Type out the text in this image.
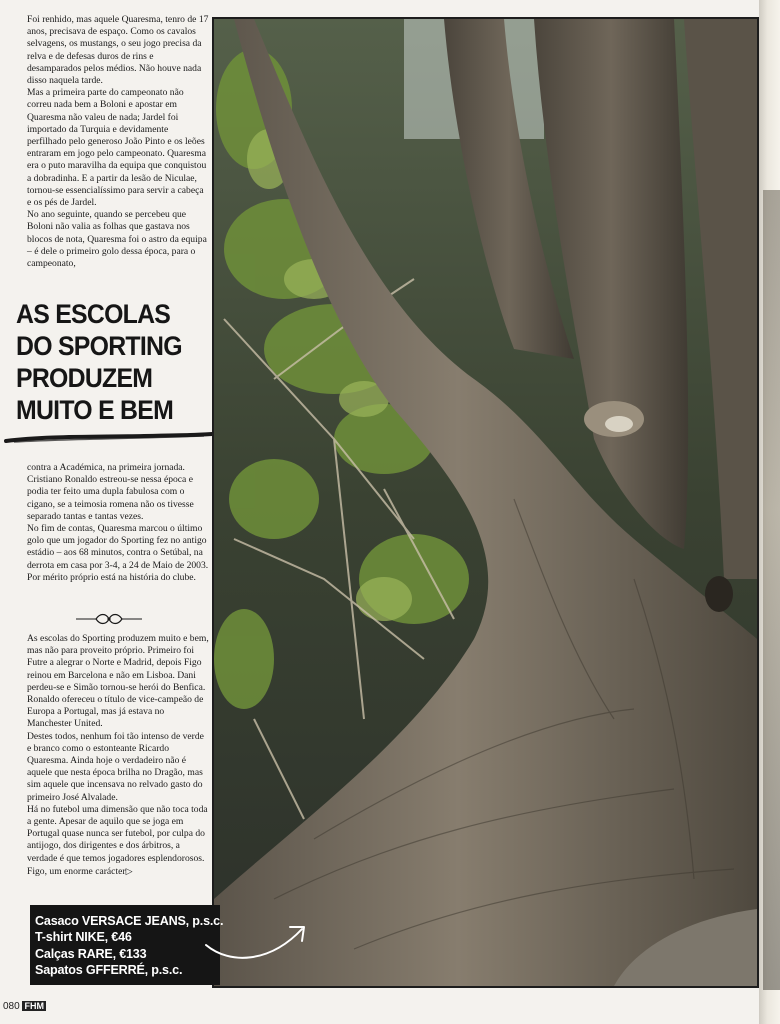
Foi renhido, mas aquele Quaresma, tenro de 17 anos, precisava de espaço. Como os cavalos selvagens, os mustangs, o seu jogo precisa da relva e de defesas duros de rins e desamparados pelos médios. Não houve nada disso naquela tarde.

Mas a primeira parte do campeonato não correu nada bem a Boloni e apostar em Quaresma não valeu de nada; Jardel foi importado da Turquia e devidamente perfilhado pelo generoso João Pinto e os leões entraram em jogo pelo campeonato. Quaresma era o puto maravilha da equipa que conquistou a dobradinha. E a partir da lesão de Niculae, tornou-se essencialíssimo para servir a cabeça e os pés de Jardel.

No ano seguinte, quando se percebeu que Boloni não valia as folhas que gastava nos blocos de nota, Quaresma foi o astro da equipa – é dele o primeiro golo dessa época, para o campeonato,

AS ESCOLAS
DO SPORTING
PRODUZEM
MUITO E BEM

contra a Académica, na primeira jornada. Cristiano Ronaldo estreou-se nessa época e podia ter feito uma dupla fabulosa com o cigano, se a teimosia romena não os tivesse separado tantas e tantas vezes.

No fim de contas, Quaresma marcou o último golo que um jogador do Sporting fez no antigo estádio – aos 68 minutos, contra o Setúbal, na derrota em casa por 3-4, a 24 de Maio de 2003. Por mérito próprio está na história do clube.

As escolas do Sporting produzem muito e bem, mas não para proveito próprio. Primeiro foi Futre a alegrar o Norte e Madrid, depois Figo reinou em Barcelona e não em Lisboa. Dani perdeu-se e Simão tornou-se herói do Benfica. Ronaldo ofereceu o título de vice-campeão de Europa a Portugal, mas já estava no Manchester United.

Destes todos, nenhum foi tão intenso de verde e branco como o estonteante Ricardo Quaresma. Ainda hoje o verdadeiro não é aquele que nesta época brilha no Dragão, mas sim aquele que incensava no relvado gasto do primeiro José Alvalade.

Há no futebol uma dimensão que não toca toda a gente. Apesar de aquilo que se joga em Portugal quase nunca ser futebol, por culpa do antijogo, dos dirigentes e dos árbitros, a verdade é que temos jogadores esplendorosos. Figo, um enorme carácter▷

Casaco VERSACE JEANS, p.s.c.
T-shirt NIKE, €46
Calças RARE, €133
Sapatos GFFERRÉ, p.s.c.
080 FHM
